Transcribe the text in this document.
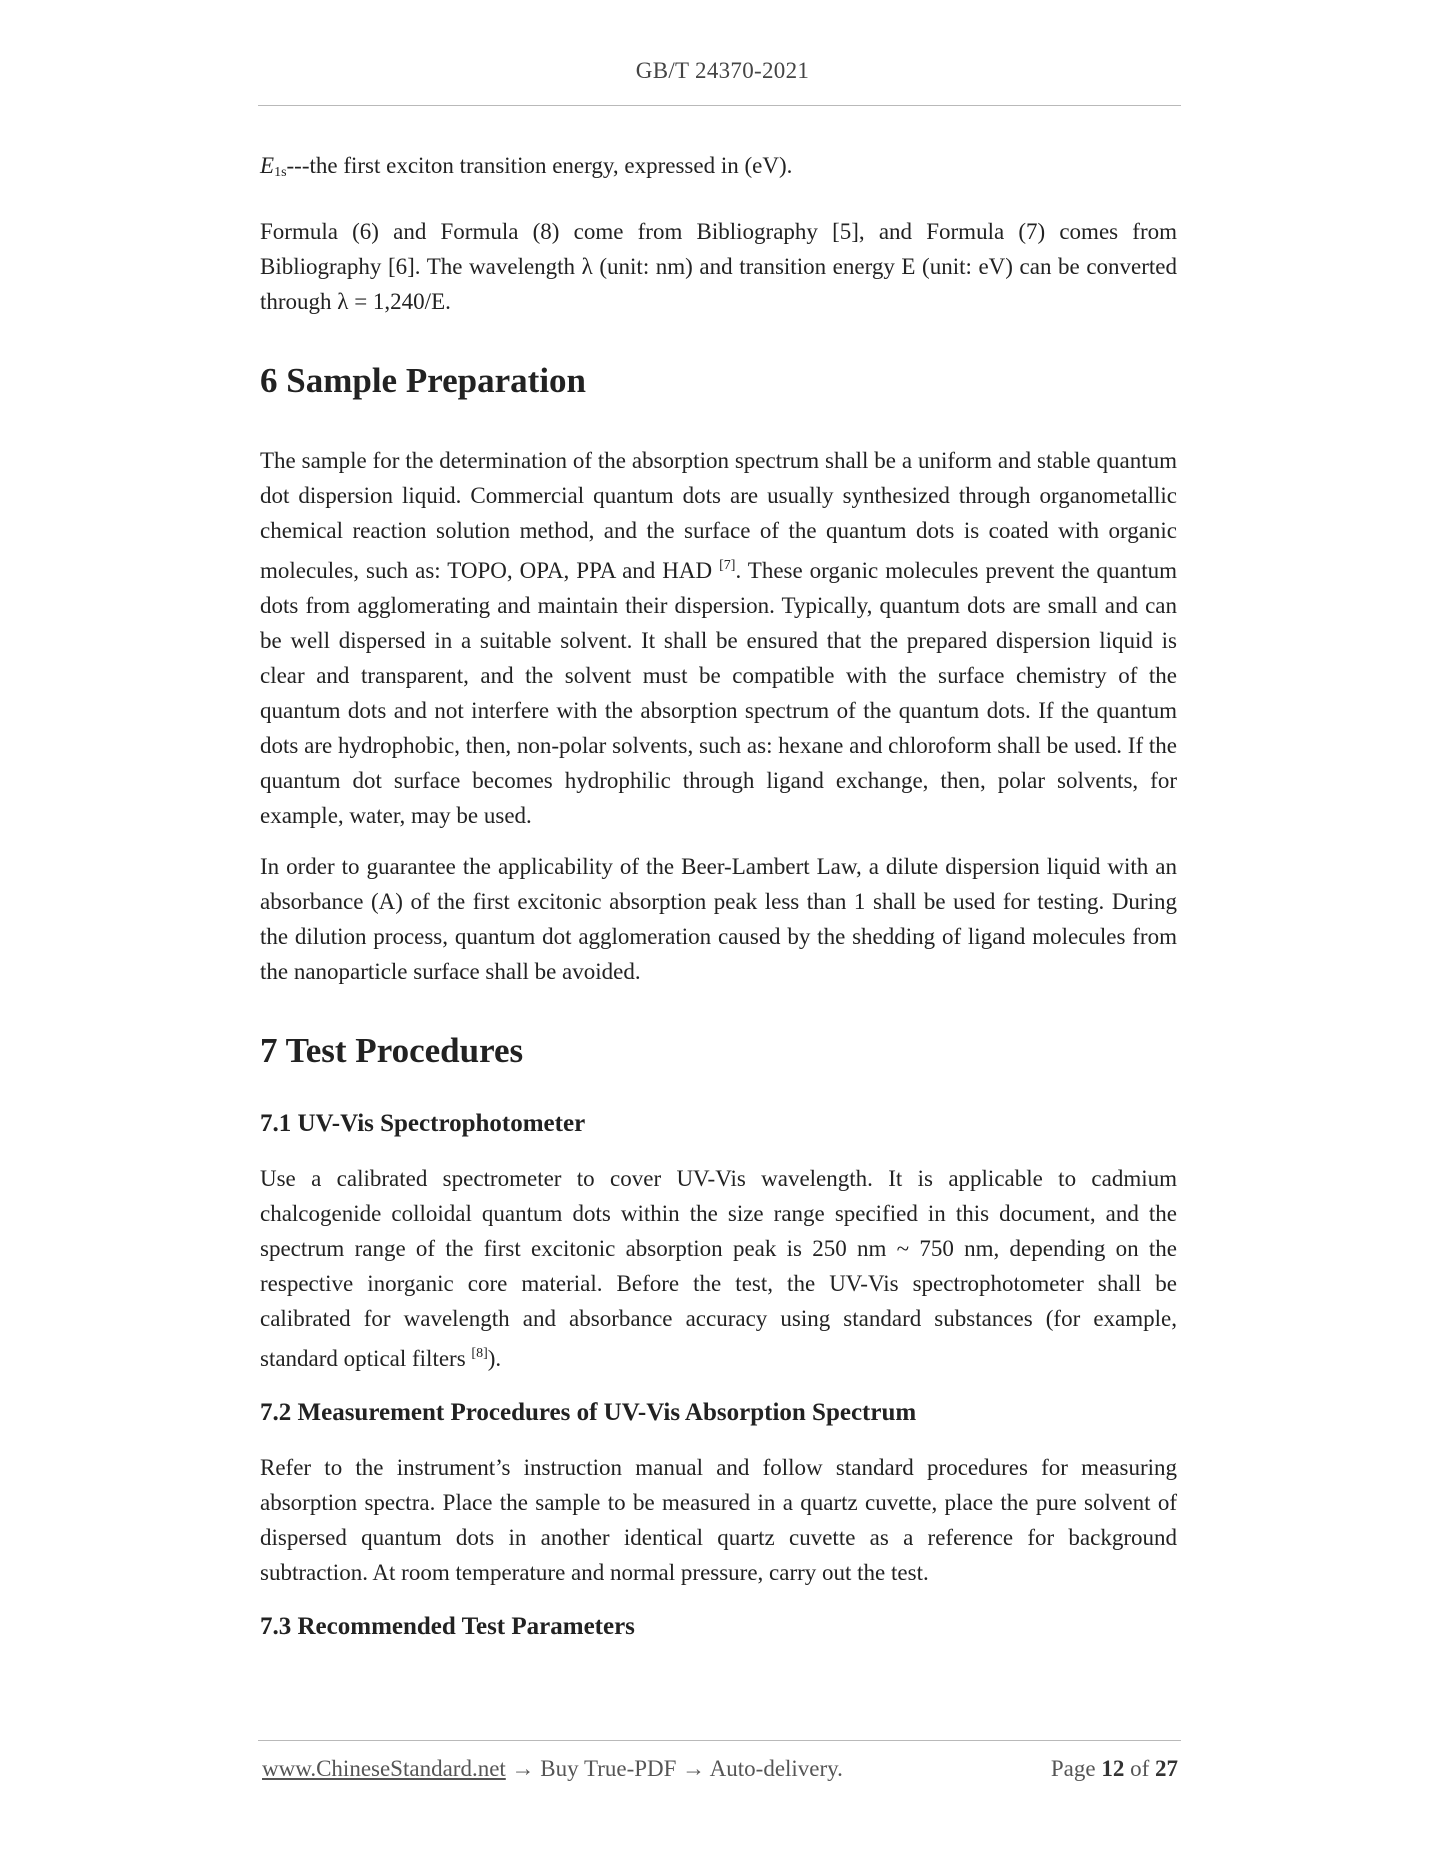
GB/T 24370-2021

$E_{1s}--$-the first exciton transition energy, expressed in (eV).

Formula (6) and Formula (8) come from Bibliography [5], and Formula (7) comes from Bibliography [6]. The wavelength λ (unit: nm) and transition energy E (unit: eV) can be converted through λ = 1,240/E.

6 Sample Preparation

The sample for the determination of the absorption spectrum shall be a uniform and stable quantum dot dispersion liquid. Commercial quantum dots are usually synthesized through organometallic chemical reaction solution method, and the surface of the quantum dots is coated with organic molecules, such as: TOPO, OPA, PPA and HAD [7]. These organic molecules prevent the quantum dots from agglomerating and maintain their dispersion. Typically, quantum dots are small and can be well dispersed in a suitable solvent. It shall be ensured that the prepared dispersion liquid is clear and transparent, and the solvent must be compatible with the surface chemistry of the quantum dots and not interfere with the absorption spectrum of the quantum dots. If the quantum dots are hydrophobic, then, non-polar solvents, such as: hexane and chloroform shall be used. If the quantum dot surface becomes hydrophilic through ligand exchange, then, polar solvents, for example, water, may be used.

In order to guarantee the applicability of the Beer-Lambert Law, a dilute dispersion liquid with an absorbance (A) of the first excitonic absorption peak less than 1 shall be used for testing. During the dilution process, quantum dot agglomeration caused by the shedding of ligand molecules from the nanoparticle surface shall be avoided.

7 Test Procedures
7.1 UV-Vis Spectrophotometer

Use a calibrated spectrometer to cover UV-Vis wavelength. It is applicable to cadmium chalcogenide colloidal quantum dots within the size range specified in this document, and the spectrum range of the first excitonic absorption peak is 250 nm ~ 750 nm, depending on the respective inorganic core material. Before the test, the UV-Vis spectrophotometer shall be calibrated for wavelength and absorbance accuracy using standard substances (for example, standard optical filters [8]).

7.2 Measurement Procedures of UV-Vis Absorption Spectrum

Refer to the instrument’s instruction manual and follow standard procedures for measuring absorption spectra. Place the sample to be measured in a quartz cuvette, place the pure solvent of dispersed quantum dots in another identical quartz cuvette as a reference for background subtraction. At room temperature and normal pressure, carry out the test.

7.3 Recommended Test Parameters
www.ChineseStandard.net → Buy True-PDF → Auto-delivery.	Page 12 of 27
